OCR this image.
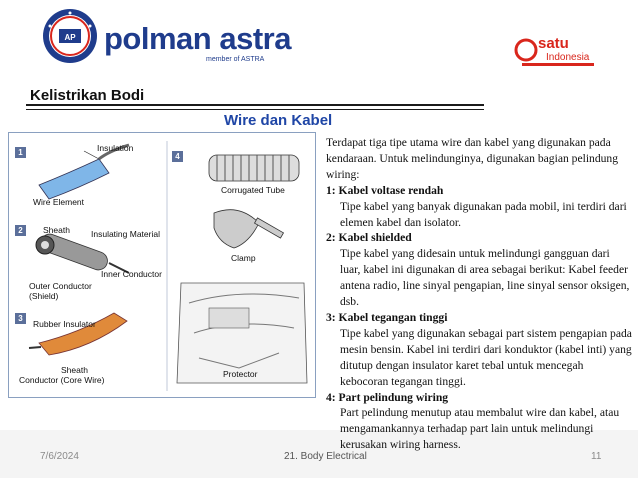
AP polman astra
member of ASTRA
satu
Indonesia
Kelistrikan Bodi
Wire dan Kabel
1
2
3
4
Insulation
Wire Element
Sheath Insulating Material
Inner Conductor
Outer Conductor
(Shield)
Rubber Insulator
Sheath
Conductor (Core Wire)
Corrugated Tube
Clamp
Protector
Terdapat tiga tipe utama wire dan kabel yang digunakan pada kendaraan. Untuk melindunginya, digunakan bagian pelindung wiring:
1: Kabel voltase rendah
Tipe kabel yang banyak digunakan pada mobil, ini terdiri dari elemen kabel dan isolator.
2: Kabel shielded
Tipe kabel yang didesain untuk melindungi gangguan dari luar, kabel ini digunakan di area sebagai berikut: Kabel feeder antena radio, line sinyal pengapian, line sinyal sensor oksigen, dsb.
3: Kabel tegangan tinggi
Tipe kabel yang digunakan sebagai part sistem pengapian pada mesin bensin. Kabel ini terdiri dari konduktor (kabel inti) yang ditutup dengan insulator karet tebal untuk mencegah kebocoran tegangan tinggi.
4: Part pelindung wiring
Part pelindung menutup atau membalut wire dan kabel, atau mengamankannya terhadap part lain untuk melindungi kerusakan wiring harness.
7/6/2024	21. Body Electrical	11
